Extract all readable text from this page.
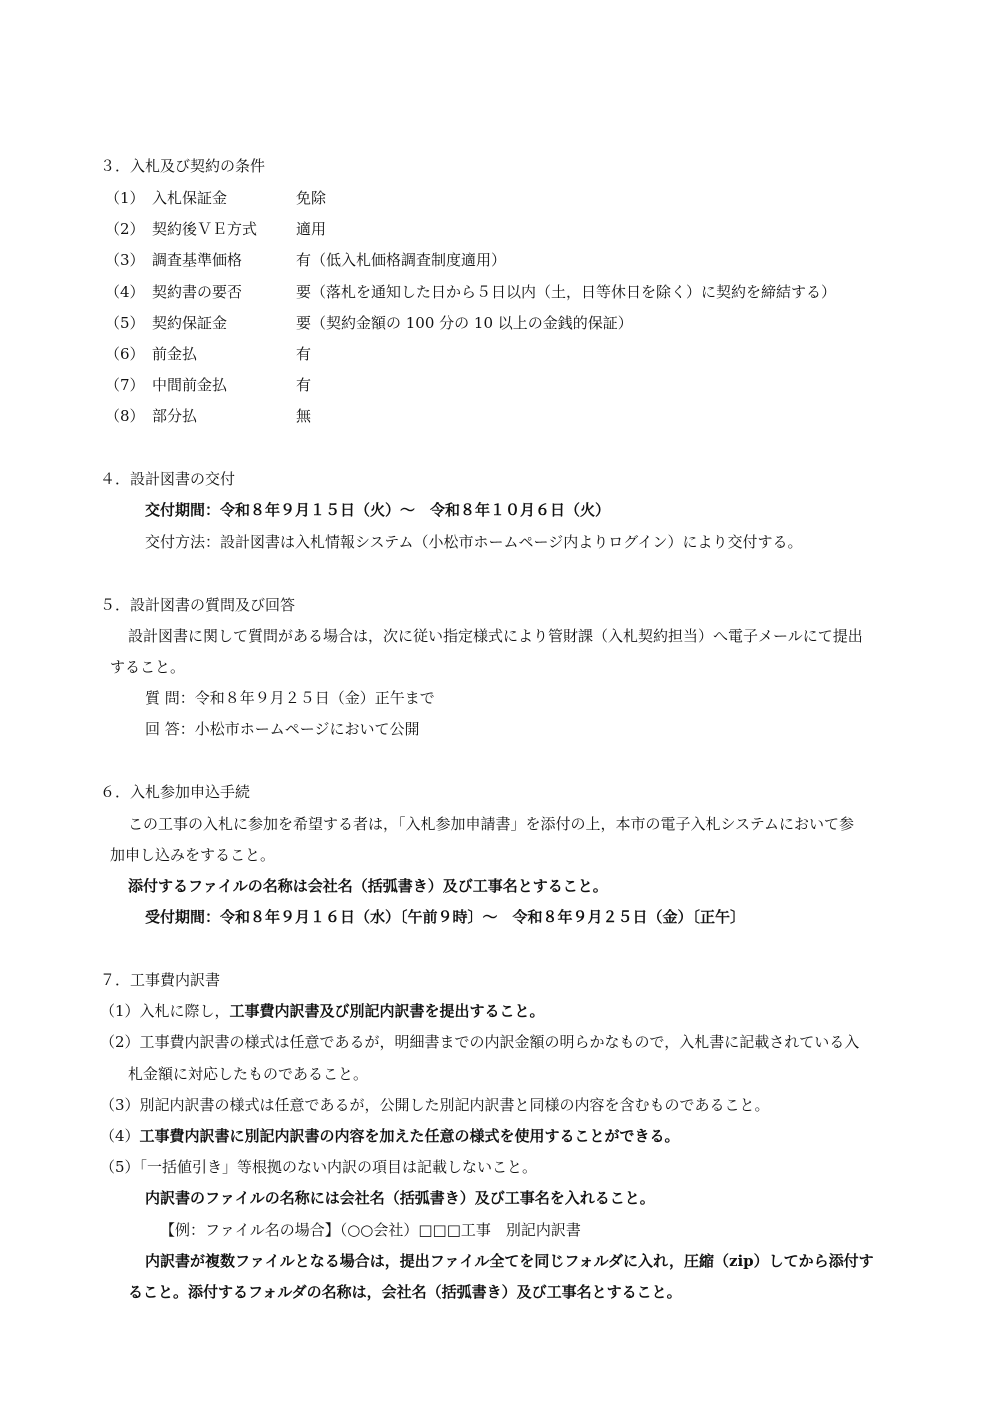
３．入札及び契約の条件
（1） 入札保証金	免除
（2） 契約後ＶＥ方式	適用
（3） 調査基準価格	有（低入札価格調査制度適用）
（4） 契約書の要否	要（落札を通知した日から５日以内（土，日等休日を除く）に契約を締結する）
（5） 契約保証金	要（契約金額の 100 分の 10 以上の金銭的保証）
（6） 前金払	有
（7） 中間前金払	有
（8） 部分払	無
４．設計図書の交付
交付期間：令和８年９月１５日（火）～　令和８年１０月６日（火）
交付方法：設計図書は入札情報システム（小松市ホームページ内よりログイン）により交付する。
５．設計図書の質問及び回答
設計図書に関して質問がある場合は，次に従い指定様式により管財課（入札契約担当）へ電子メールにて提出
すること。
質 問：令和８年９月２５日（金）正午まで
回 答：小松市ホームページにおいて公開
６．入札参加申込手続
この工事の入札に参加を希望する者は，「入札参加申請書」を添付の上，本市の電子入札システムにおいて参
加申し込みをすること。
添付するファイルの名称は会社名（括弧書き）及び工事名とすること。
受付期間：令和８年９月１６日（水）〔午前９時〕～　令和８年９月２５日（金）〔正午〕
７．工事費内訳書
（1）入札に際し，工事費内訳書及び別記内訳書を提出すること。
（2）工事費内訳書の様式は任意であるが，明細書までの内訳金額の明らかなもので，入札書に記載されている入
札金額に対応したものであること。
（3）別記内訳書の様式は任意であるが，公開した別記内訳書と同様の内容を含むものであること。
（4）工事費内訳書に別記内訳書の内容を加えた任意の様式を使用することができる。
（5）「一括値引き」等根拠のない内訳の項目は記載しないこと。
内訳書のファイルの名称には会社名（括弧書き）及び工事名を入れること。
【例：ファイル名の場合】（○○会社）□□□工事　別記内訳書
内訳書が複数ファイルとなる場合は，提出ファイル全てを同じフォルダに入れ，圧縮（zip）してから添付す
ること。添付するフォルダの名称は，会社名（括弧書き）及び工事名とすること。
